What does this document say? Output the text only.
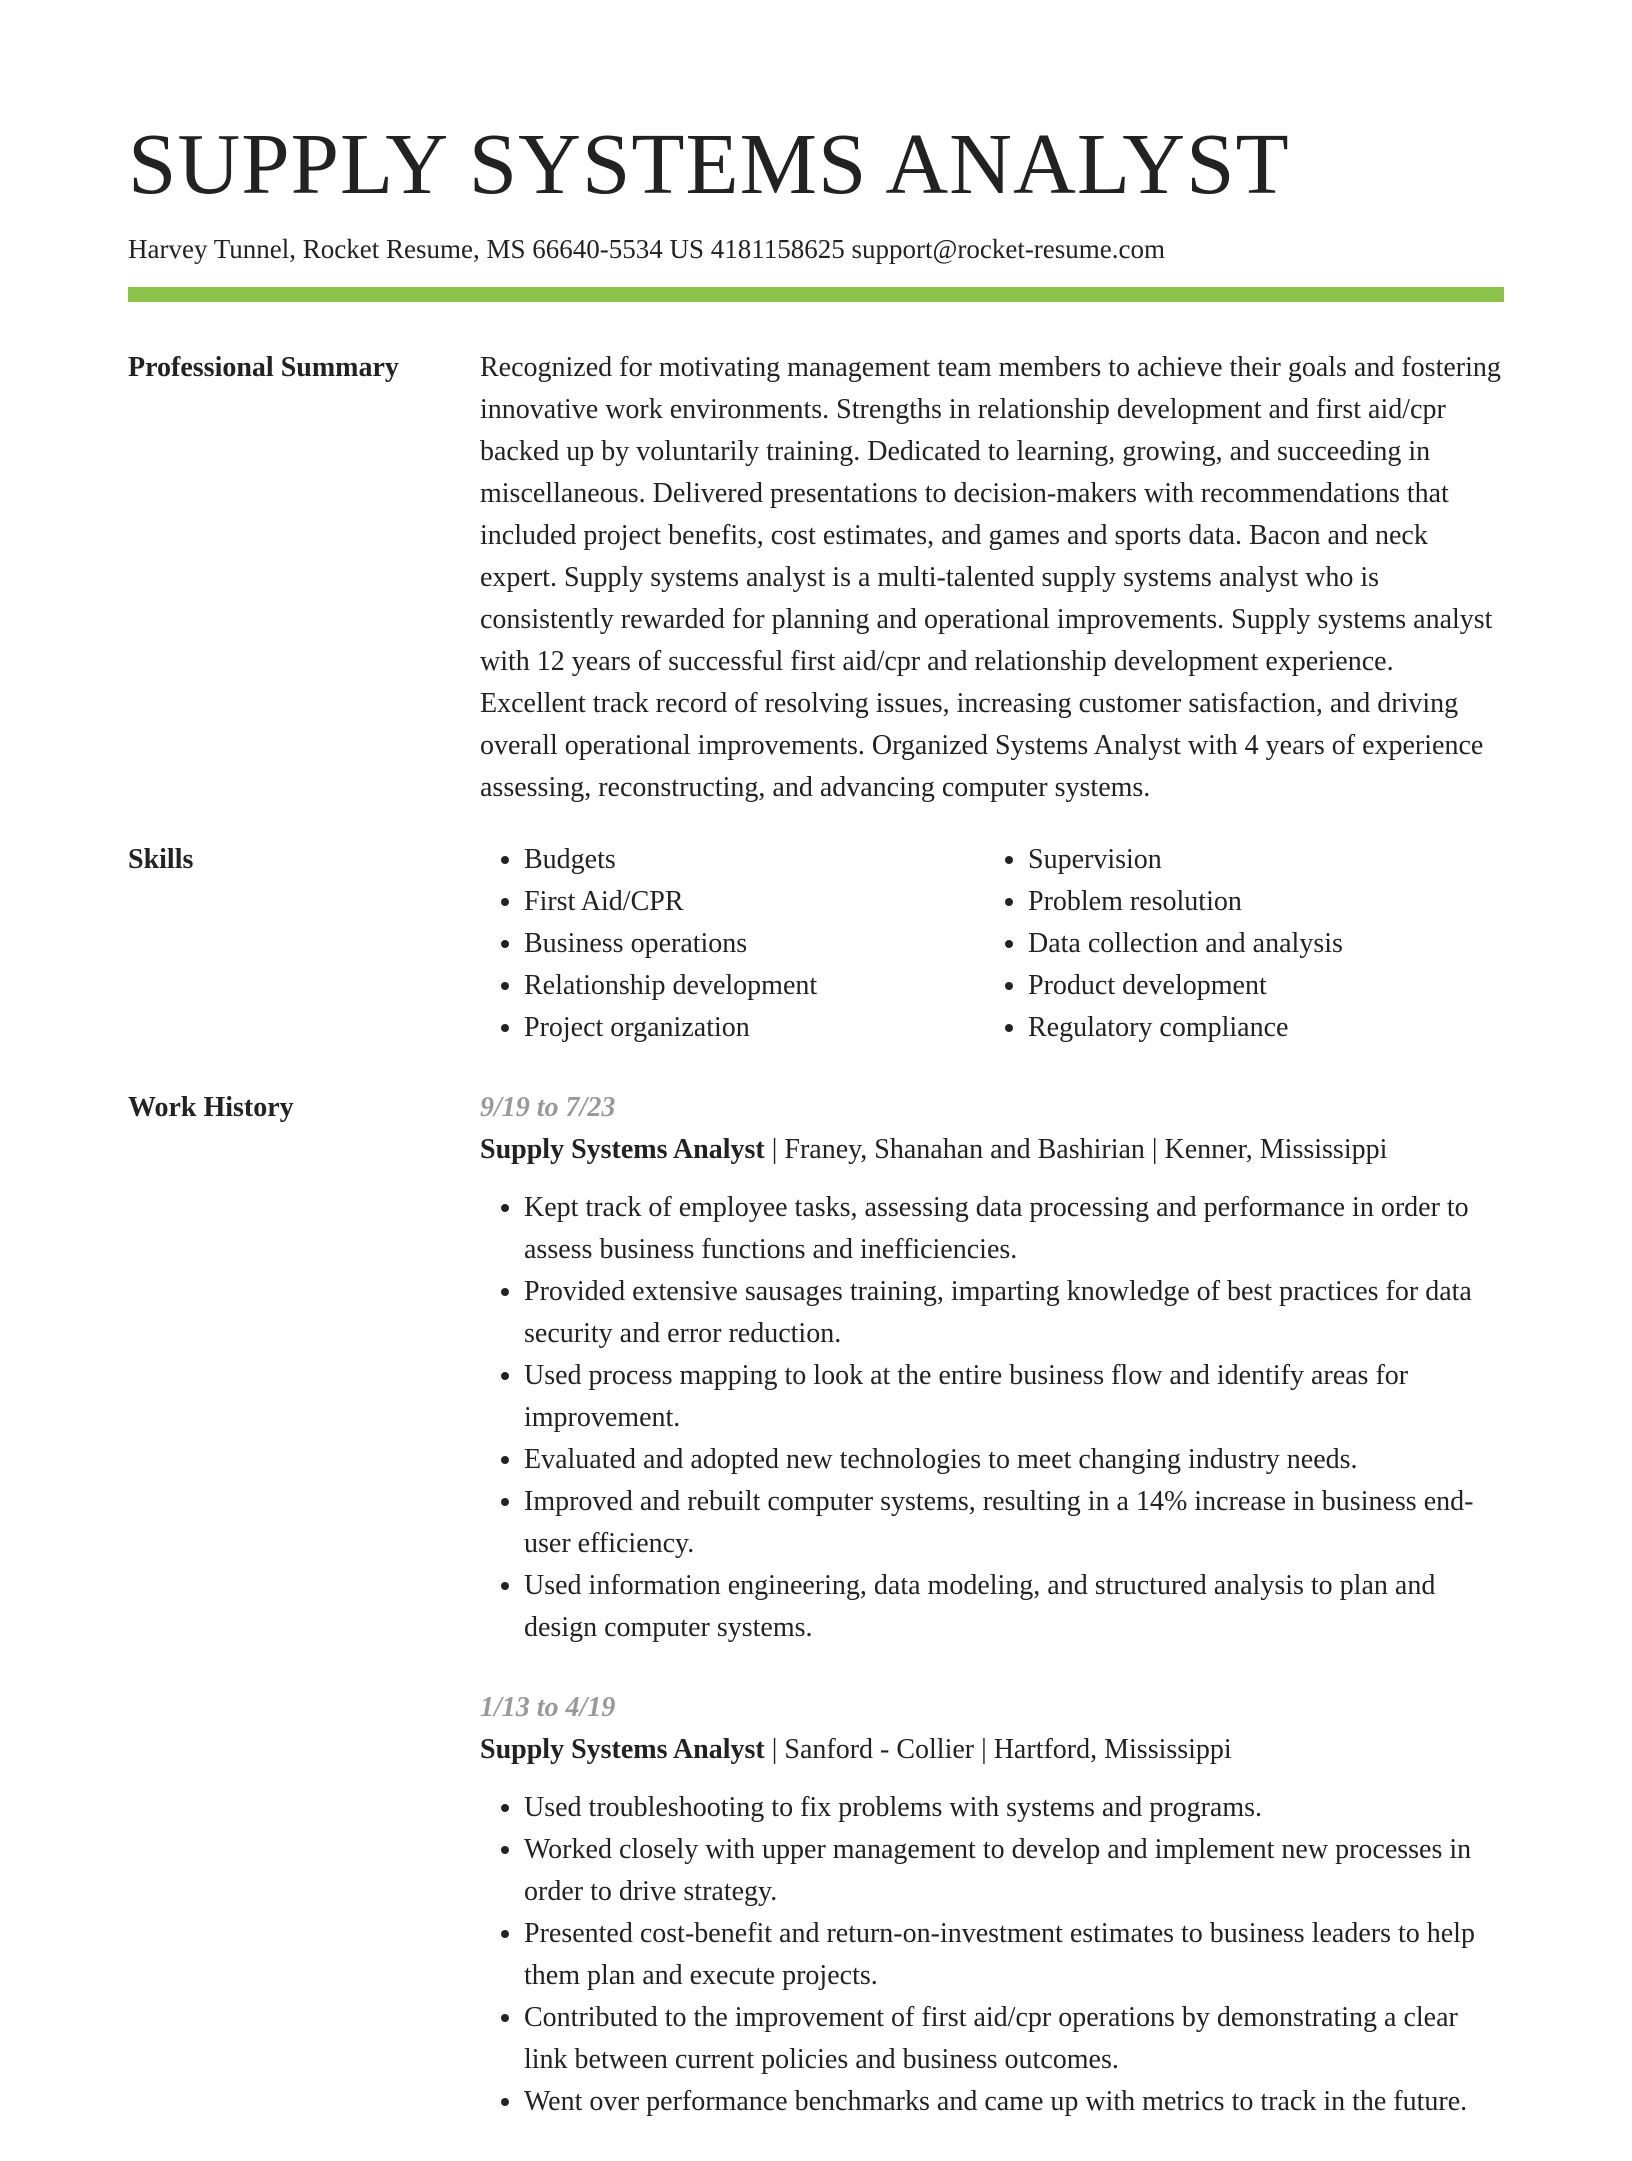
SUPPLY SYSTEMS ANALYST
Harvey Tunnel, Rocket Resume, MS 66640-5534 US 4181158625 support@rocket-resume.com
Professional Summary	Recognized for motivating management team members to achieve their goals and fostering innovative work environments. Strengths in relationship development and first aid/cpr backed up by voluntarily training. Dedicated to learning, growing, and succeeding in miscellaneous. Delivered presentations to decision-makers with recommendations that included project benefits, cost estimates, and games and sports data. Bacon and neck expert. Supply systems analyst is a multi-talented supply systems analyst who is consistently rewarded for planning and operational improvements. Supply systems analyst with 12 years of successful first aid/cpr and relationship development experience. Excellent track record of resolving issues, increasing customer satisfaction, and driving overall operational improvements. Organized Systems Analyst with 4 years of experience assessing, reconstructing, and advancing computer systems.

Skills
•	Budgets
• First Aid/CPR
• Business operations
• Relationship development
• Project organization
• Supervision
• Problem resolution
• Data collection and analysis
• Product development
• Regulatory compliance
Work History	9/19 to 7/23
Supply Systems Analyst | Franey, Shanahan and Bashirian | Kenner, Mississippi
• Kept track of employee tasks, assessing data processing and performance in order to assess business functions and inefficiencies.
• Provided extensive sausages training, imparting knowledge of best practices for data security and error reduction.
• Used process mapping to look at the entire business flow and identify areas for improvement.
• Evaluated and adopted new technologies to meet changing industry needs.
• Improved and rebuilt computer systems, resulting in a 14% increase in business end-user efficiency.
• Used information engineering, data modeling, and structured analysis to plan and design computer systems.
1/13 to 4/19
Supply Systems Analyst | Sanford - Collier | Hartford, Mississippi
• Used troubleshooting to fix problems with systems and programs.
• Worked closely with upper management to develop and implement new processes in order to drive strategy.
• Presented cost-benefit and return-on-investment estimates to business leaders to help them plan and execute projects.
• Contributed to the improvement of first aid/cpr operations by demonstrating a clear link between current policies and business outcomes.
• Went over performance benchmarks and came up with metrics to track in the future.
